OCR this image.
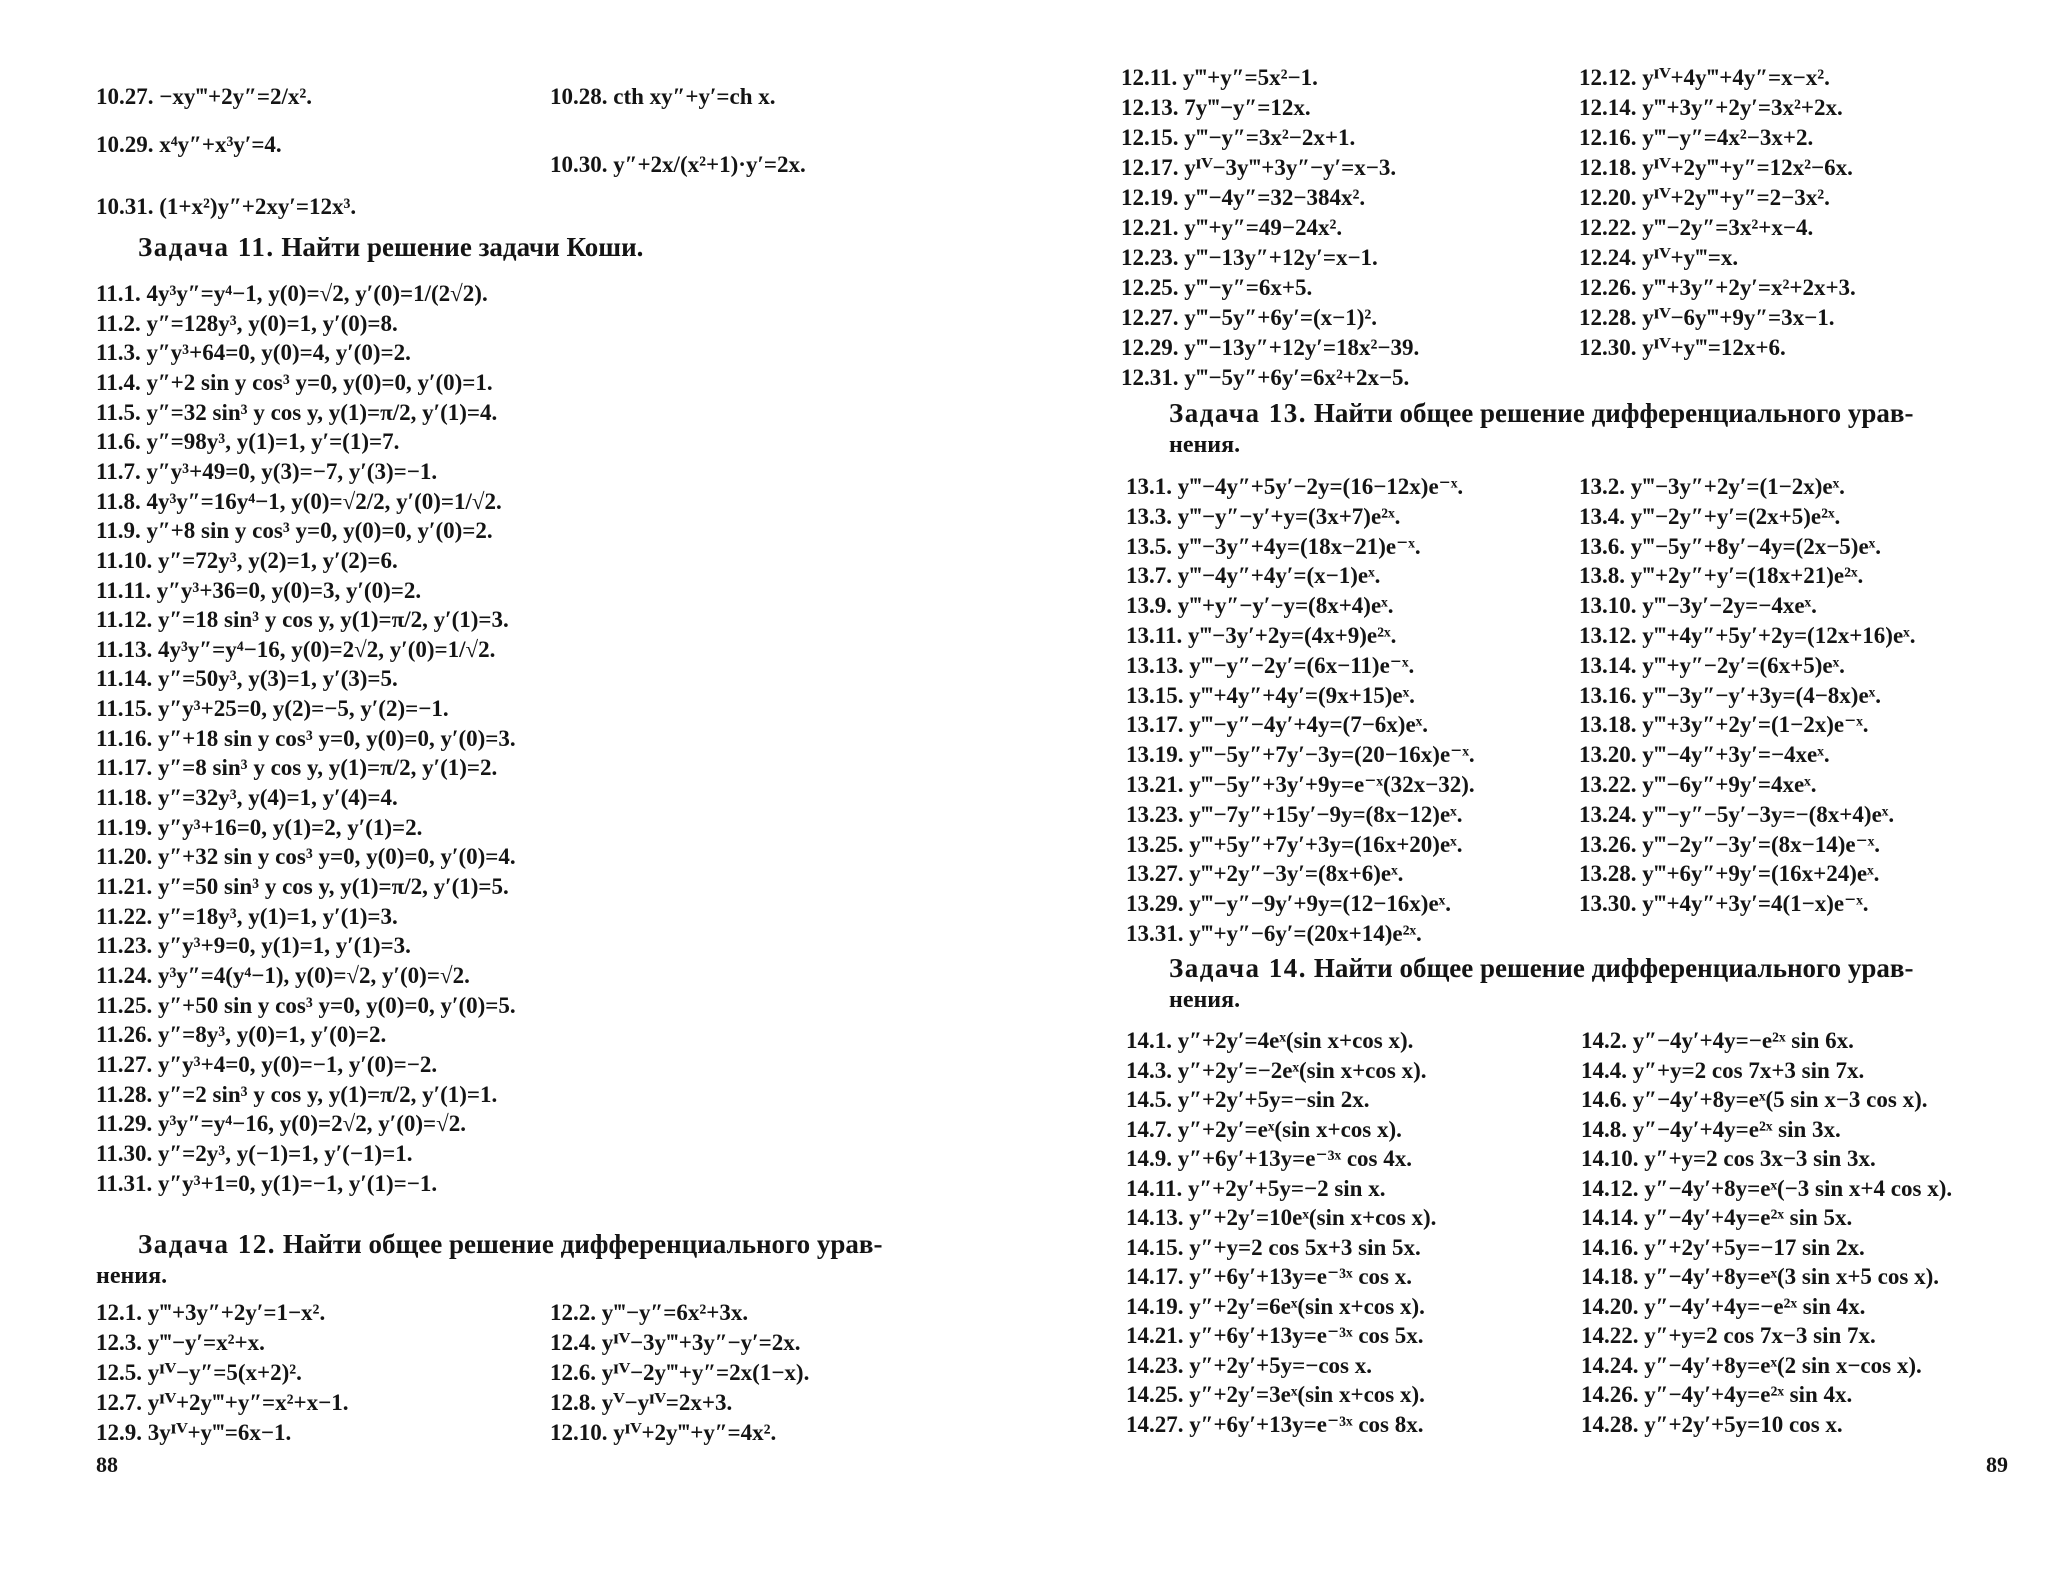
10.27. −xy‴+2y″=2/x².	10.28. cth xy″+y′=ch x.
10.29. x⁴y″+x³y′=4.
10.30. y″+2x/(x²+1)·y′=2x.
10.31. (1+x²)y″+2xy′=12x³.
Задача 11. Найти решение задачи Коши.
11.1. 4y³y″=y⁴−1, y(0)=√2, y′(0)=1/(2√2).
11.2. y″=128y³, y(0)=1, y′(0)=8.
11.3. y″y³+64=0, y(0)=4, y′(0)=2.
11.4. y″+2 sin y cos³ y=0, y(0)=0, y′(0)=1.
11.5. y″=32 sin³ y cos y, y(1)=π/2, y′(1)=4.
11.6. y″=98y³, y(1)=1, y′=(1)=7.
11.7. y″y³+49=0, y(3)=−7, y′(3)=−1.
11.8. 4y³y″=16y⁴−1, y(0)=√2/2, y′(0)=1/√2.
11.9. y″+8 sin y cos³ y=0, y(0)=0, y′(0)=2.
11.10. y″=72y³, y(2)=1, y′(2)=6.
11.11. y″y³+36=0, y(0)=3, y′(0)=2.
11.12. y″=18 sin³ y cos y, y(1)=π/2, y′(1)=3.
11.13. 4y³y″=y⁴−16, y(0)=2√2, y′(0)=1/√2.
11.14. y″=50y³, y(3)=1, y′(3)=5.
11.15. y″y³+25=0, y(2)=−5, y′(2)=−1.
11.16. y″+18 sin y cos³ y=0, y(0)=0, y′(0)=3.
11.17. y″=8 sin³ y cos y, y(1)=π/2, y′(1)=2.
11.18. y″=32y³, y(4)=1, y′(4)=4.
11.19. y″y³+16=0, y(1)=2, y′(1)=2.
11.20. y″+32 sin y cos³ y=0, y(0)=0, y′(0)=4.
11.21. y″=50 sin³ y cos y, y(1)=π/2, y′(1)=5.
11.22. y″=18y³, y(1)=1, y′(1)=3.
11.23. y″y³+9=0, y(1)=1, y′(1)=3.
11.24. y³y″=4(y⁴−1), y(0)=√2, y′(0)=√2.
11.25. y″+50 sin y cos³ y=0, y(0)=0, y′(0)=5.
11.26. y″=8y³, y(0)=1, y′(0)=2.
11.27. y″y³+4=0, y(0)=−1, y′(0)=−2.
11.28. y″=2 sin³ y cos y, y(1)=π/2, y′(1)=1.
11.29. y³y″=y⁴−16, y(0)=2√2, y′(0)=√2.
11.30. y″=2y³, y(−1)=1, y′(−1)=1.
11.31. y″y³+1=0, y(1)=−1, y′(1)=−1.
Задача 12. Найти общее решение дифференциального урав-
нения.
12.1. y‴+3y″+2y′=1−x².	12.2. y‴−y″=6x²+3x.
12.3. y‴−y′=x²+x.	12.4. yᴵⱽ−3y‴+3y″−y′=2x.
12.5. yᴵⱽ−y″=5(x+2)².	12.6. yᴵⱽ−2y‴+y″=2x(1−x).
12.7. yᴵⱽ+2y‴+y″=x²+x−1.	12.8. yⱽ−yᴵⱽ=2x+3.
12.9. 3yᴵⱽ+y‴=6x−1.	12.10. yᴵⱽ+2y‴+y″=4x².
88
12.11. y‴+y″=5x²−1.	12.12. yᴵⱽ+4y‴+4y″=x−x².
12.13. 7y‴−y″=12x.	12.14. y‴+3y″+2y′=3x²+2x.
12.15. y‴−y″=3x²−2x+1.	12.16. y‴−y″=4x²−3x+2.
12.17. yᴵⱽ−3y‴+3y″−y′=x−3.	12.18. yᴵⱽ+2y‴+y″=12x²−6x.
12.19. y‴−4y″=32−384x².	12.20. yᴵⱽ+2y‴+y″=2−3x².
12.21. y‴+y″=49−24x².	12.22. y‴−2y″=3x²+x−4.
12.23. y‴−13y″+12y′=x−1.	12.24. yᴵⱽ+y‴=x.
12.25. y‴−y″=6x+5.	12.26. y‴+3y″+2y′=x²+2x+3.
12.27. y‴−5y″+6y′=(x−1)².	12.28. yᴵⱽ−6y‴+9y″=3x−1.
12.29. y‴−13y″+12y′=18x²−39.	12.30. yᴵⱽ+y‴=12x+6.
12.31. y‴−5y″+6y′=6x²+2x−5.
Задача 13. Найти общее решение дифференциального урав-
нения.
13.1. y‴−4y″+5y′−2y=(16−12x)e⁻ˣ.	13.2. y‴−3y″+2y′=(1−2x)eˣ.
13.3. y‴−y″−y′+y=(3x+7)e²ˣ.	13.4. y‴−2y″+y′=(2x+5)e²ˣ.
13.5. y‴−3y″+4y=(18x−21)e⁻ˣ.	13.6. y‴−5y″+8y′−4y=(2x−5)eˣ.
13.7. y‴−4y″+4y′=(x−1)eˣ.	13.8. y‴+2y″+y′=(18x+21)e²ˣ.
13.9. y‴+y″−y′−y=(8x+4)eˣ.	13.10. y‴−3y′−2y=−4xeˣ.
13.11. y‴−3y′+2y=(4x+9)e²ˣ.	13.12. y‴+4y″+5y′+2y=(12x+16)eˣ.
13.13. y‴−y″−2y′=(6x−11)e⁻ˣ.	13.14. y‴+y″−2y′=(6x+5)eˣ.
13.15. y‴+4y″+4y′=(9x+15)eˣ.	13.16. y‴−3y″−y′+3y=(4−8x)eˣ.
13.17. y‴−y″−4y′+4y=(7−6x)eˣ.	13.18. y‴+3y″+2y′=(1−2x)e⁻ˣ.
13.19. y‴−5y″+7y′−3y=(20−16x)e⁻ˣ.	13.20. y‴−4y″+3y′=−4xeˣ.
13.21. y‴−5y″+3y′+9y=e⁻ˣ(32x−32).	13.22. y‴−6y″+9y′=4xeˣ.
13.23. y‴−7y″+15y′−9y=(8x−12)eˣ.	13.24. y‴−y″−5y′−3y=−(8x+4)eˣ.
13.25. y‴+5y″+7y′+3y=(16x+20)eˣ.	13.26. y‴−2y″−3y′=(8x−14)e⁻ˣ.
13.27. y‴+2y″−3y′=(8x+6)eˣ.	13.28. y‴+6y″+9y′=(16x+24)eˣ.
13.29. y‴−y″−9y′+9y=(12−16x)eˣ.	13.30. y‴+4y″+3y′=4(1−x)e⁻ˣ.
13.31. y‴+y″−6y′=(20x+14)e²ˣ.
Задача 14. Найти общее решение дифференциального урав-
нения.
14.1. y″+2y′=4eˣ(sin x+cos x).	14.2. y″−4y′+4y=−e²ˣ sin 6x.
14.3. y″+2y′=−2eˣ(sin x+cos x).	14.4. y″+y=2 cos 7x+3 sin 7x.
14.5. y″+2y′+5y=−sin 2x.	14.6. y″−4y′+8y=eˣ(5 sin x−3 cos x).
14.7. y″+2y′=eˣ(sin x+cos x).	14.8. y″−4y′+4y=e²ˣ sin 3x.
14.9. y″+6y′+13y=e⁻³ˣ cos 4x.	14.10. y″+y=2 cos 3x−3 sin 3x.
14.11. y″+2y′+5y=−2 sin x.	14.12. y″−4y′+8y=eˣ(−3 sin x+4 cos x).
14.13. y″+2y′=10eˣ(sin x+cos x).	14.14. y″−4y′+4y=e²ˣ sin 5x.
14.15. y″+y=2 cos 5x+3 sin 5x.	14.16. y″+2y′+5y=−17 sin 2x.
14.17. y″+6y′+13y=e⁻³ˣ cos x.	14.18. y″−4y′+8y=eˣ(3 sin x+5 cos x).
14.19. y″+2y′=6eˣ(sin x+cos x).	14.20. y″−4y′+4y=−e²ˣ sin 4x.
14.21. y″+6y′+13y=e⁻³ˣ cos 5x.	14.22. y″+y=2 cos 7x−3 sin 7x.
14.23. y″+2y′+5y=−cos x.	14.24. y″−4y′+8y=eˣ(2 sin x−cos x).
14.25. y″+2y′=3eˣ(sin x+cos x).	14.26. y″−4y′+4y=e²ˣ sin 4x.
14.27. y″+6y′+13y=e⁻³ˣ cos 8x.	14.28. y″+2y′+5y=10 cos x.
89
